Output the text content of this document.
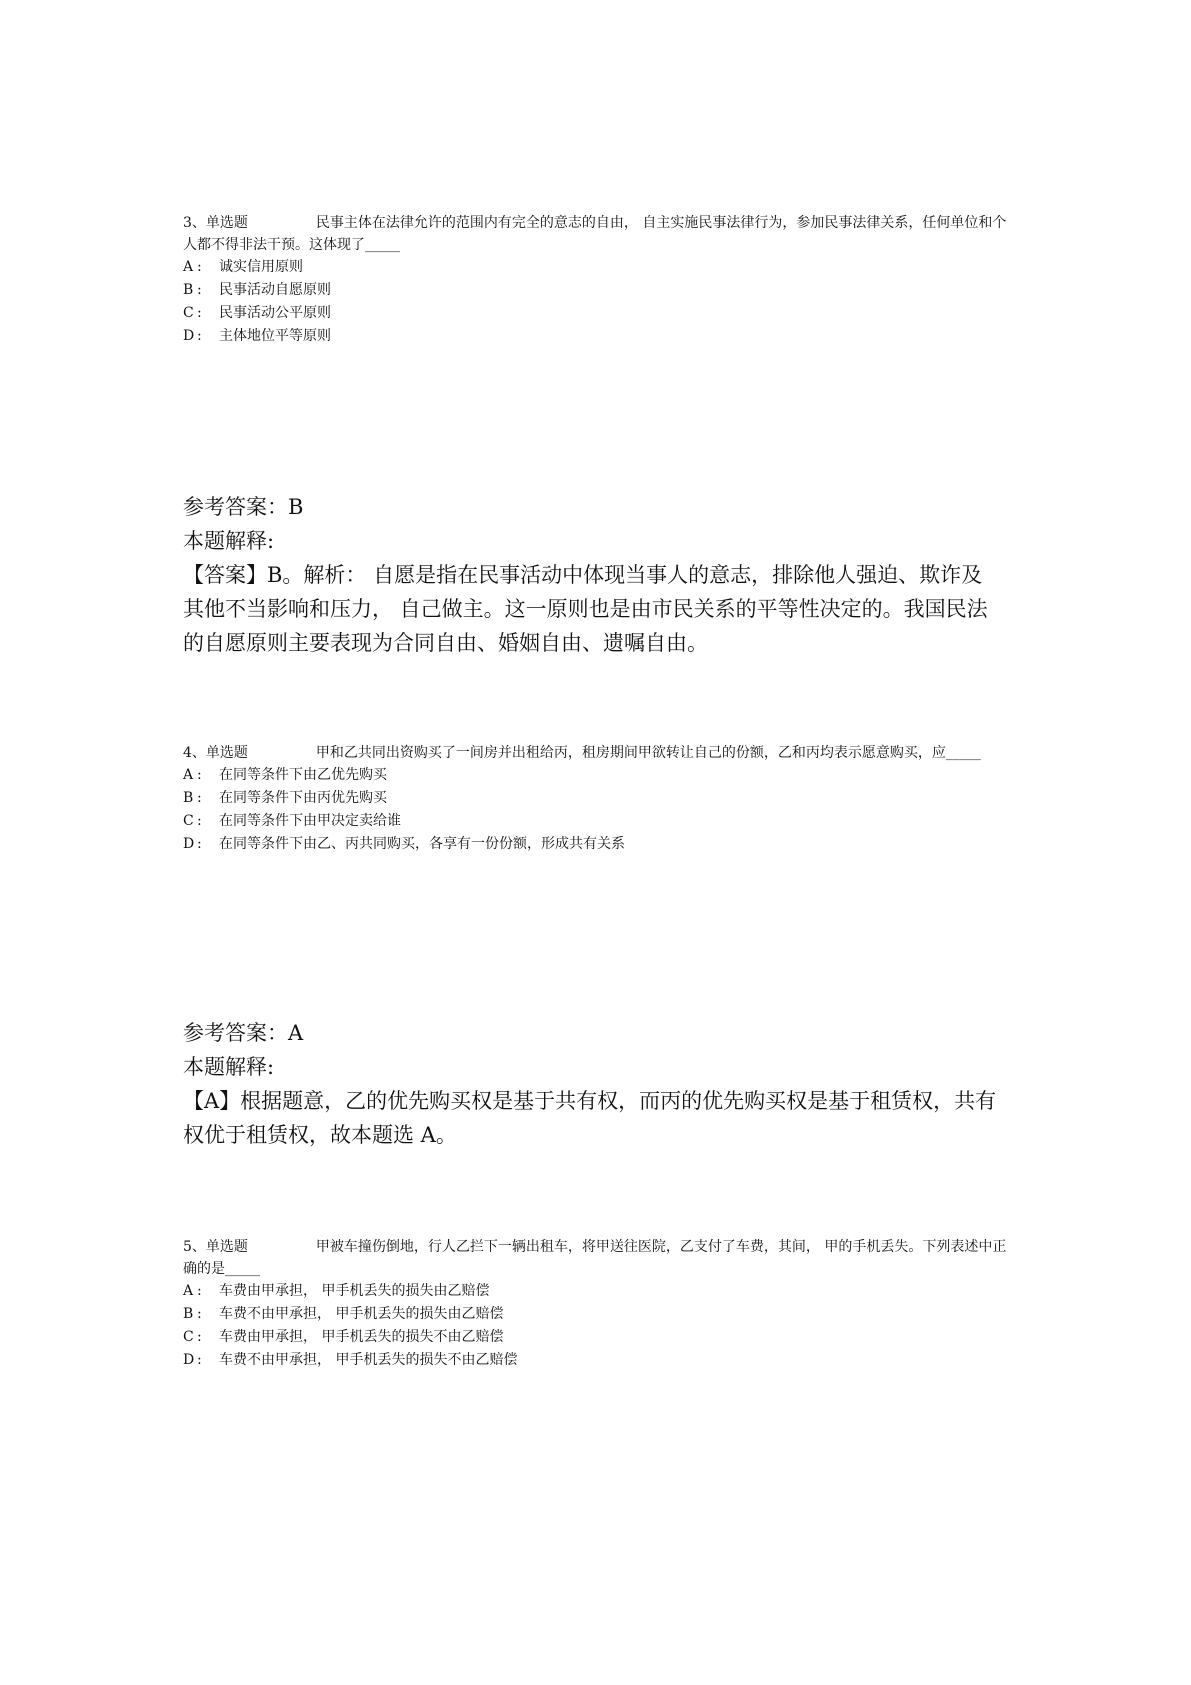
3、单选题	民事主体在法律允许的范围内有完全的意志的自由， 自主实施民事法律行为，参加民事法律关系，任何单位和个人都不得非法干预。这体现了_____
A : 诚实信用原则
B : 民事活动自愿原则
C : 民事活动公平原则
D : 主体地位平等原则
参考答案：B
本题解释:
【答案】B。解析： 自愿是指在民事活动中体现当事人的意志，排除他人强迫、欺诈及其他不当影响和压力， 自己做主。这一原则也是由市民关系的平等性决定的。我国民法的自愿原则主要表现为合同自由、婚姻自由、遗嘱自由。
4、单选题	甲和乙共同出资购买了一间房并出租给丙，租房期间甲欲转让自己的份额，乙和丙均表示愿意购买，应_____
A : 在同等条件下由乙优先购买
B : 在同等条件下由丙优先购买
C : 在同等条件下由甲决定卖给谁
D : 在同等条件下由乙、丙共同购买，各享有一份份额，形成共有关系
参考答案：A
本题解释:
【A】根据题意，乙的优先购买权是基于共有权，而丙的优先购买权是基于租赁权，共有权优于租赁权，故本题选 A。
5、单选题	甲被车撞伤倒地，行人乙拦下一辆出租车，将甲送往医院，乙支付了车费，其间， 甲的手机丢失。下列表述中正确的是_____
A : 车费由甲承担， 甲手机丢失的损失由乙赔偿
B : 车费不由甲承担， 甲手机丢失的损失由乙赔偿
C : 车费由甲承担， 甲手机丢失的损失不由乙赔偿
D : 车费不由甲承担， 甲手机丢失的损失不由乙赔偿
